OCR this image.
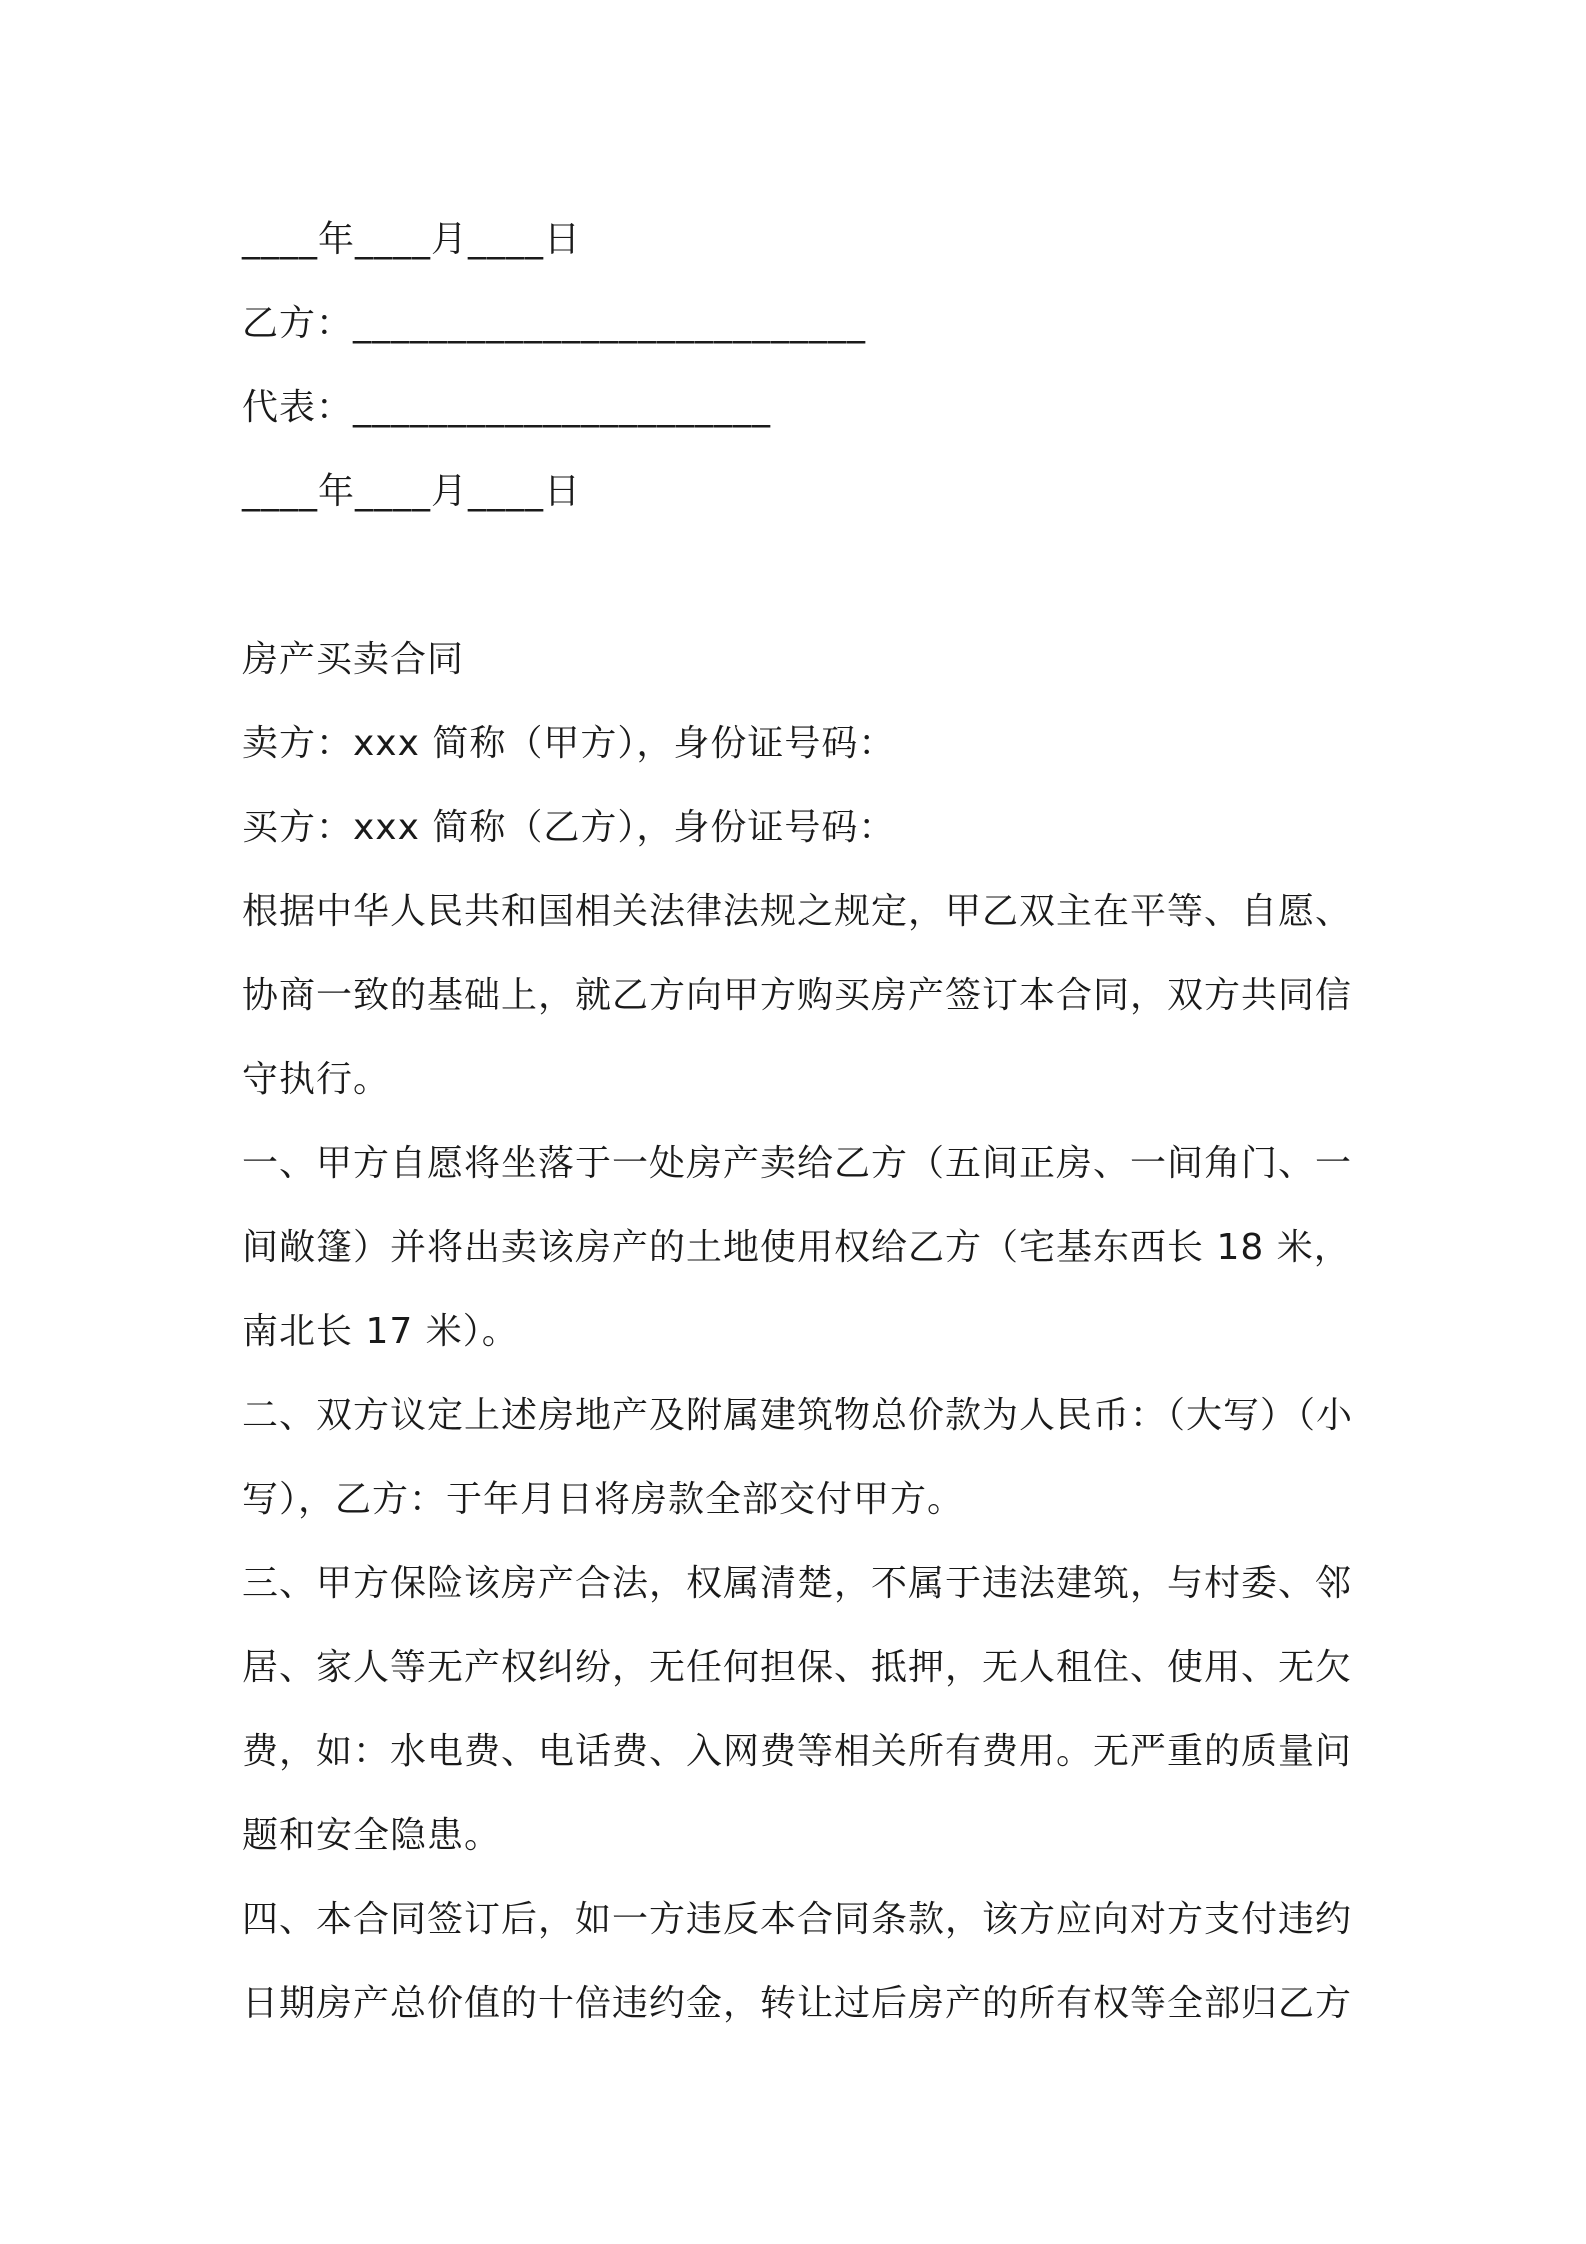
____年____月____日

乙方：___________________________

代表：______________________

____年____月____日

房产买卖合同

卖方：xxx 简称（甲方），身份证号码：

买方：xxx 简称（乙方），身份证号码：

根据中华人民共和国相关法律法规之规定，甲乙双主在平等、自愿、协商一致的基础上，就乙方向甲方购买房产签订本合同，双方共同信守执行。

一、甲方自愿将坐落于一处房产卖给乙方（五间正房、一间角门、一间敞篷）并将出卖该房产的土地使用权给乙方（宅基东西长 18 米，南北长 17 米）。

二、双方议定上述房地产及附属建筑物总价款为人民币：（大写）（小写），乙方：于年月日将房款全部交付甲方。

三、甲方保险该房产合法，权属清楚，不属于违法建筑，与村委、邻居、家人等无产权纠纷，无任何担保、抵押，无人租住、使用、无欠费，如：水电费、电话费、入网费等相关所有费用。无严重的质量问题和安全隐患。

四、本合同签订后，如一方违反本合同条款，该方应向对方支付违约日期房产总价值的十倍违约金，转让过后房产的所有权等全部归乙方
